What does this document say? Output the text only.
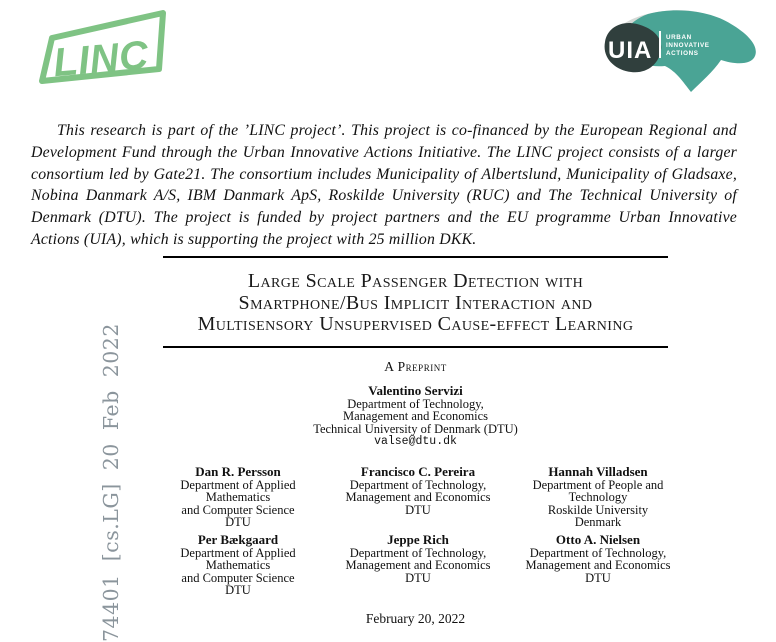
LINC	UIA URBAN
INNOVATIVE
ACTIONS
This research is part of the ’LINC project’. This project is co-financed by the European Regional and Development Fund through the Urban Innovative Actions Initiative. The LINC project consists of a larger consortium led by Gate21. The consortium includes Municipality of Albertslund, Municipality of Gladsaxe, Nobina Danmark A/S, IBM Danmark ApS, Roskilde University (RUC) and The Technical University of Denmark (DTU). The project is funded by project partners and the EU programme Urban Innovative Actions (UIA), which is supporting the project with 25 million DKK.
Large Scale Passenger Detection with
Smartphone/Bus Implicit Interaction and
Multisensory Unsupervised Cause-effect Learning
A Preprint
Valentino Servizi
Department of Technology,
Management and Economics
Technical University of Denmark (DTU)
valse@dtu.dk
Dan R. Persson
Department of Applied Mathematics
and Computer Science
DTU
Francisco C. Pereira
Department of Technology,
Management and Economics
DTU
Hannah Villadsen
Department of People and Technology
Roskilde University
Denmark
Per Bækgaard
Department of Applied Mathematics
and Computer Science
DTU
Jeppe Rich
Department of Technology,
Management and Economics
DTU
Otto A. Nielsen
Department of Technology,
Management and Economics
DTU
February 20, 2022
74401 [cs.LG] 20 Feb 2022
